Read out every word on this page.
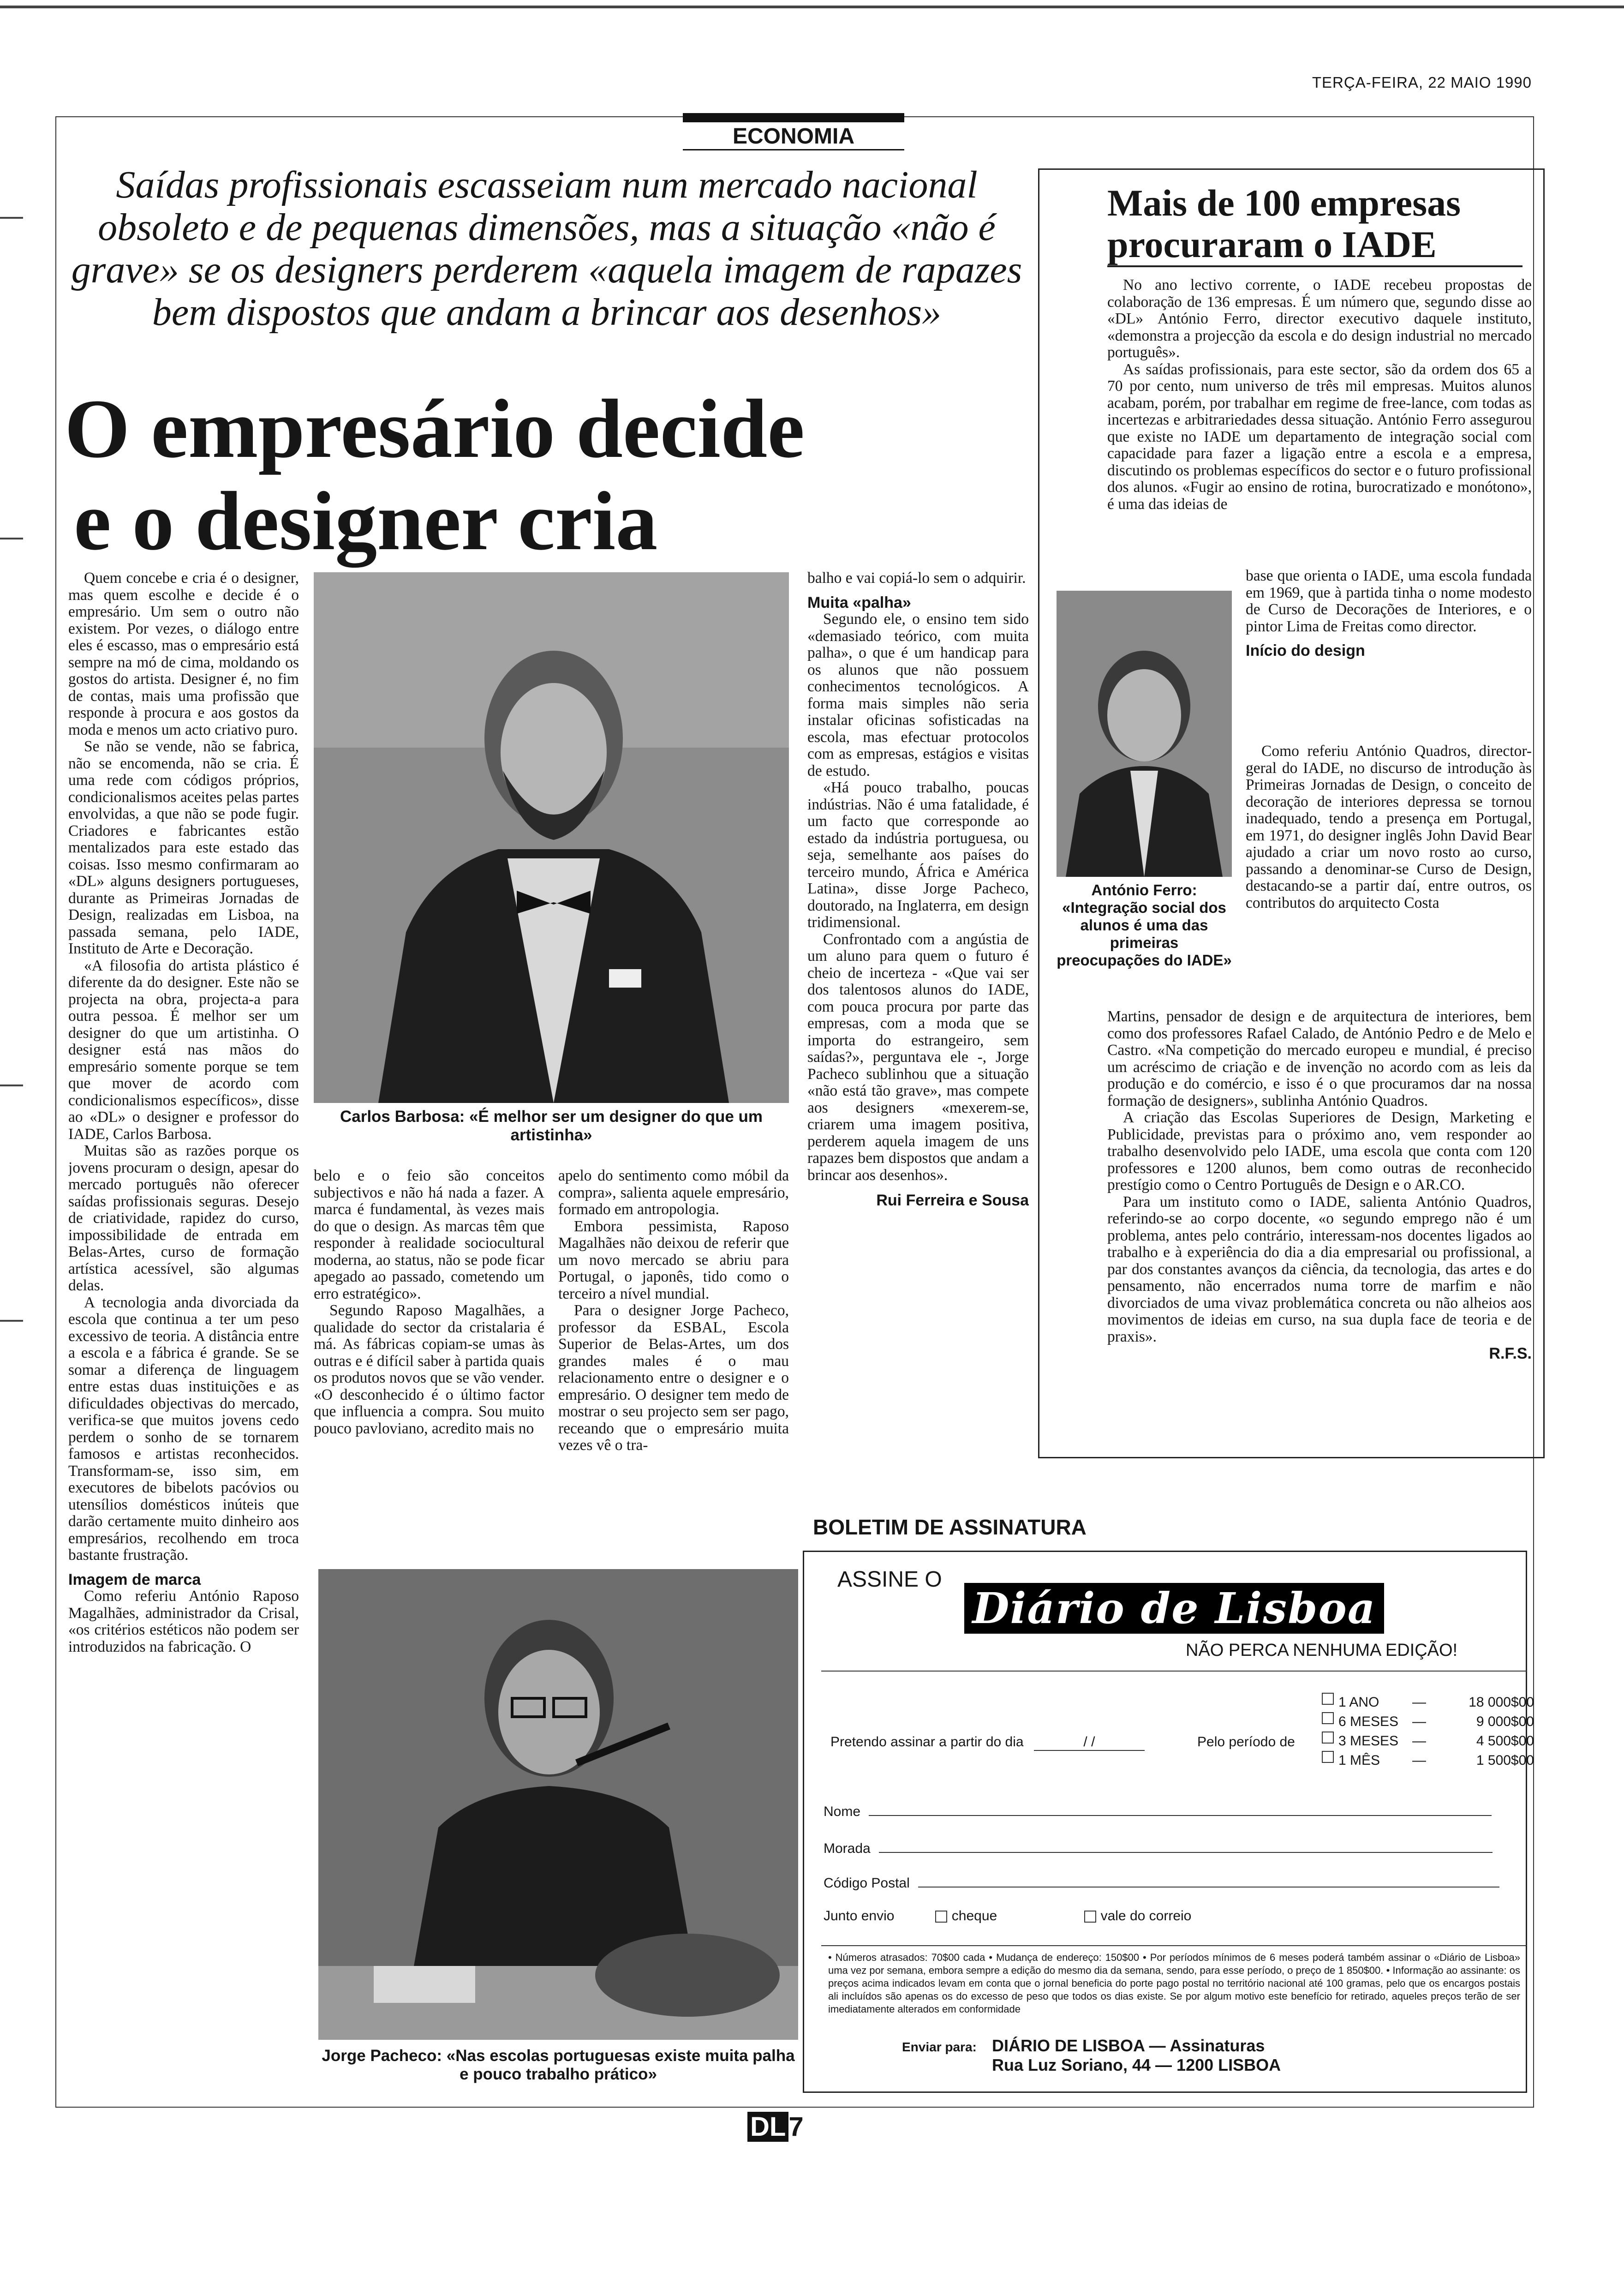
TERÇA-FEIRA, 22 MAIO 1990
ECONOMIA
Saídas profissionais escasseiam num mercado nacional obsoleto e de pequenas dimensões, mas a situação «não é grave» se os designers perderem «aquela imagem de rapazes bem dispostos que andam a brincar aos desenhos»
O empresário decide
e o designer cria

Quem concebe e cria é o designer, mas quem escolhe e decide é o empresário. Um sem o outro não existem. Por vezes, o diálogo entre eles é escasso, mas o empresário está sempre na mó de cima, moldando os gostos do artista. Designer é, no fim de contas, mais uma profissão que responde à procura e aos gostos da moda e menos um acto criativo puro.

Se não se vende, não se fabrica, não se encomenda, não se cria. É uma rede com códigos próprios, condicionalismos aceites pelas partes envolvidas, a que não se pode fugir. Criadores e fabricantes estão mentalizados para este estado das coisas. Isso mesmo confirmaram ao «DL» alguns designers portugueses, durante as Primeiras Jornadas de Design, realizadas em Lisboa, na passada semana, pelo IADE, Instituto de Arte e Decoração.

«A filosofia do artista plástico é diferente da do designer. Este não se projecta na obra, projecta-a para outra pessoa. É melhor ser um designer do que um artistinha. O designer está nas mãos do empresário somente porque se tem que mover de acordo com condicionalismos específicos», disse ao «DL» o designer e professor do IADE, Carlos Barbosa.

Muitas são as razões porque os jovens procuram o design, apesar do mercado português não oferecer saídas profissionais seguras. Desejo de criatividade, rapidez do curso, impossibilidade de entrada em Belas-Artes, curso de formação artística acessível, são algumas delas.

A tecnologia anda divorciada da escola que continua a ter um peso excessivo de teoria. A distância entre a escola e a fábrica é grande. Se se somar a diferença de linguagem entre estas duas instituições e as dificuldades objectivas do mercado, verifica-se que muitos jovens cedo perdem o sonho de se tornarem famosos e artistas reconhecidos. Transformam-se, isso sim, em executores de bibelots pacóvios ou utensílios domésticos inúteis que darão certamente muito dinheiro aos empresários, recolhendo em troca bastante frustração.

Imagem de marca

Como referiu António Raposo Magalhães, administrador da Crisal, «os critérios estéticos não podem ser introduzidos na fabricação. O

Carlos Barbosa: «É melhor ser um designer do que um artistinha»

belo e o feio são conceitos subjectivos e não há nada a fazer. A marca é fundamental, às vezes mais do que o design. As marcas têm que responder à realidade sociocultural moderna, ao status, não se pode ficar apegado ao passado, cometendo um erro estratégico».

Segundo Raposo Magalhães, a qualidade do sector da cristalaria é má. As fábricas copiam-se umas às outras e é difícil saber à partida quais os produtos novos que se vão vender. «O desconhecido é o último factor que influencia a compra. Sou muito pouco pavloviano, acredito mais no

apelo do sentimento como móbil da compra», salienta aquele empresário, formado em antropologia.

Embora pessimista, Raposo Magalhães não deixou de referir que um novo mercado se abriu para Portugal, o japonês, tido como o terceiro a nível mundial.

Para o designer Jorge Pacheco, professor da ESBAL, Escola Superior de Belas-Artes, um dos grandes males é o mau relacionamento entre o designer e o empresário. O designer tem medo de mostrar o seu projecto sem ser pago, receando que o empresário muita vezes vê o tra-

Jorge Pacheco: «Nas escolas portuguesas existe muita palha e pouco trabalho prático»

balho e vai copiá-lo sem o adquirir.

Muita «palha»

Segundo ele, o ensino tem sido «demasiado teórico, com muita palha», o que é um handicap para os alunos que não possuem conhecimentos tecnológicos. A forma mais simples não seria instalar oficinas sofisticadas na escola, mas efectuar protocolos com as empresas, estágios e visitas de estudo.

«Há pouco trabalho, poucas indústrias. Não é uma fatalidade, é um facto que corresponde ao estado da indústria portuguesa, ou seja, semelhante aos países do terceiro mundo, África e América Latina», disse Jorge Pacheco, doutorado, na Inglaterra, em design tridimensional.

Confrontado com a angústia de um aluno para quem o futuro é cheio de incerteza - «Que vai ser dos talentosos alunos do IADE, com pouca procura por parte das empresas, com a moda que se importa do estrangeiro, sem saídas?», perguntava ele -, Jorge Pacheco sublinhou que a situação «não está tão grave», mas compete aos designers «mexerem-se, criarem uma imagem positiva, perderem aquela imagem de uns rapazes bem dispostos que andam a brincar aos desenhos».

Rui Ferreira e Sousa
Mais de 100 empresas procuraram o IADE

No ano lectivo corrente, o IADE recebeu propostas de colaboração de 136 empresas. É um número que, segundo disse ao «DL» António Ferro, director executivo daquele instituto, «demonstra a projecção da escola e do design industrial no mercado português».

As saídas profissionais, para este sector, são da ordem dos 65 a 70 por cento, num universo de três mil empresas. Muitos alunos acabam, porém, por trabalhar em regime de free-lance, com todas as incertezas e arbitrariedades dessa situação. António Ferro assegurou que existe no IADE um departamento de integração social com capacidade para fazer a ligação entre a escola e a empresa, discutindo os problemas específicos do sector e o futuro profissional dos alunos. «Fugir ao ensino de rotina, burocratizado e monótono», é uma das ideias de

António Ferro: «Integração social dos alunos é uma das primeiras preocupações do IADE»

base que orienta o IADE, uma escola fundada em 1969, que à partida tinha o nome modesto de Curso de Decorações de Interiores, e o pintor Lima de Freitas como director.

Início do design

Como referiu António Quadros, director-geral do IADE, no discurso de introdução às Primeiras Jornadas de Design, o conceito de decoração de interiores depressa se tornou inadequado, tendo a presença em Portugal, em 1971, do designer inglês John David Bear ajudado a criar um novo rosto ao curso, passando a denominar-se Curso de Design, destacando-se a partir daí, entre outros, os contributos do arquitecto Costa

Martins, pensador de design e de arquitectura de interiores, bem como dos professores Rafael Calado, de António Pedro e de Melo e Castro. «Na competição do mercado europeu e mundial, é preciso um acréscimo de criação e de invenção no acordo com as leis da produção e do comércio, e isso é o que procuramos dar na nossa formação de designers», sublinha António Quadros.

A criação das Escolas Superiores de Design, Marketing e Publicidade, previstas para o próximo ano, vem responder ao trabalho desenvolvido pelo IADE, uma escola que conta com 120 professores e 1200 alunos, bem como outras de reconhecido prestígio como o Centro Português de Design e o AR.CO.

Para um instituto como o IADE, salienta António Quadros, referindo-se ao corpo docente, «o segundo emprego não é um problema, antes pelo contrário, interessam-nos docentes ligados ao trabalho e à experiência do dia a dia empresarial ou profissional, a par dos constantes avanços da ciência, da tecnologia, das artes e do pensamento, não encerrados numa torre de marfim e não divorciados de uma vivaz problemática concreta ou não alheios aos movimentos de ideias em curso, na sua dupla face de teoria e de praxis».

R.F.S.
BOLETIM DE ASSINATURA
ASSINE O
Diário de Lisboa
NÃO PERCA NENHUMA EDIÇÃO!
Pretendo assinar a partir do dia	/ /	Pelo período de
1 ANO	—	18 000$00
6 MESES —	9 000$00
3 MESES —	4 500$00
1 MÊS	—	1 500$00
Nome
Morada
Código Postal
Junto envio	cheque	vale do correio
• Números atrasados: 70$00 cada • Mudança de endereço: 150$00 • Por períodos mínimos de 6 meses poderá também assinar o «Diário de Lisboa» uma vez por semana, embora sempre a edição do mesmo dia da semana, sendo, para esse período, o preço de 1 850$00. • Informação ao assinante: os preços acima indicados levam em conta que o jornal beneficia do porte pago postal no território nacional até 100 gramas, pelo que os encargos postais ali incluídos são apenas os do excesso de peso que todos os dias existe. Se por algum motivo este benefício for retirado, aqueles preços terão de ser imediatamente alterados em conformidade
Enviar para: DIÁRIO DE LISBOA — Assinaturas
Rua Luz Soriano, 44 — 1200 LISBOA
DL 7
